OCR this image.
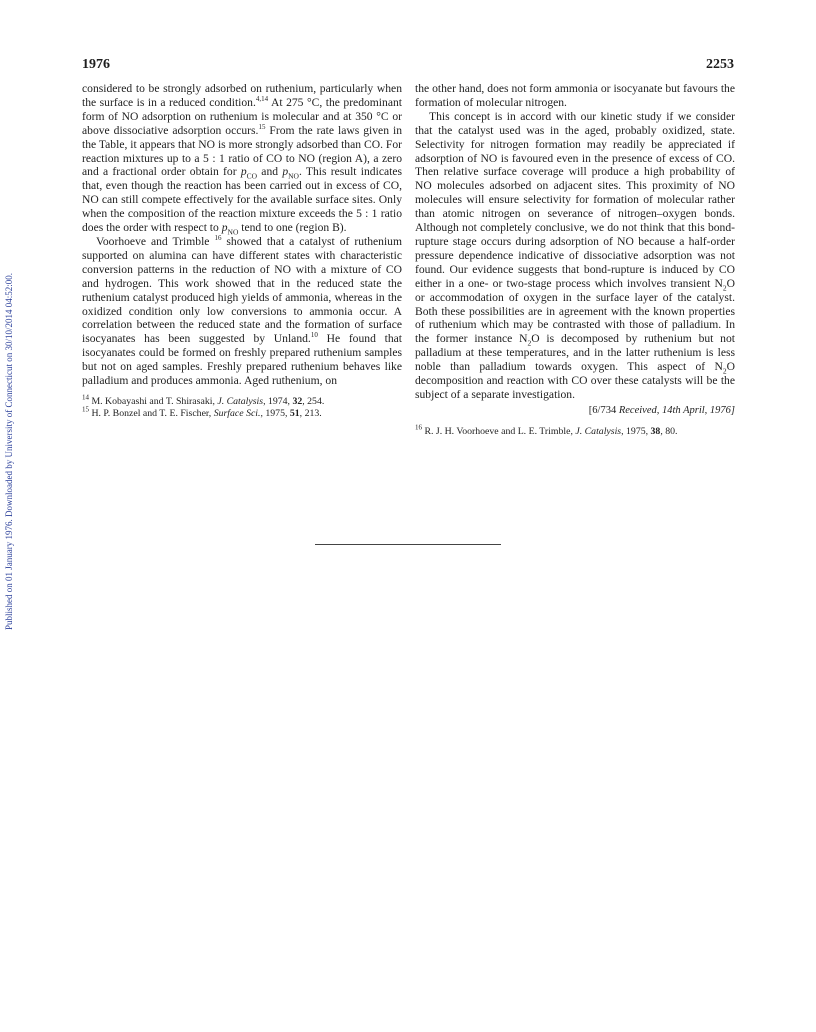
Published on 01 January 1976. Downloaded by University of Connecticut on 30/10/2014 04:52:00.
1976	2253

considered to be strongly adsorbed on ruthenium, particularly when the surface is in a reduced condition.$^{4,14}$ At 275 °C, the predominant form of NO adsorption on ruthenium is molecular and at 350 °C or above dissociative adsorption occurs.$^{15}$ From the rate laws given in the Table, it appears that NO is more strongly adsorbed than CO. For reaction mixtures up to a 5 : 1 ratio of CO to NO (region A), a zero and a fractional order obtain for $p_{CO}$ and $p_{NO}$. This result indicates that, even though the reaction has been carried out in excess of CO, NO can still compete effectively for the available surface sites. Only when the composition of the reaction mixture exceeds the 5 : 1 ratio does the order with respect to $p_{NO}$ tend to one (region B).

Voorhoeve and Trimble $^{16}$ showed that a catalyst of ruthenium supported on alumina can have different states with characteristic conversion patterns in the reduction of NO with a mixture of CO and hydrogen. This work showed that in the reduced state the ruthenium catalyst produced high yields of ammonia, whereas in the oxidized condition only low conversions to ammonia occur. A correlation between the reduced state and the formation of surface isocyanates has been suggested by Unland.$^{10}$ He found that isocyanates could be formed on freshly prepared ruthenium samples but not on aged samples. Freshly prepared ruthenium behaves like palladium and produces ammonia. Aged ruthenium, on

$^{14}$ M. Kobayashi and T. Shirasaki, J. Catalysis, 1974, 32, 254.
$^{15}$ H. P. Bonzel and T. E. Fischer, Surface Sci., 1975, 51, 213.

the other hand, does not form ammonia or isocyanate but favours the formation of molecular nitrogen.

This concept is in accord with our kinetic study if we consider that the catalyst used was in the aged, probably oxidized, state. Selectivity for nitrogen formation may readily be appreciated if adsorption of NO is favoured even in the presence of excess of CO. Then relative surface coverage will produce a high probability of NO molecules adsorbed on adjacent sites. This proximity of NO molecules will ensure selectivity for formation of molecular rather than atomic nitrogen on severance of nitrogen–oxygen bonds. Although not completely conclusive, we do not think that this bond-rupture stage occurs during adsorption of NO because a half-order pressure dependence indicative of dissociative adsorption was not found. Our evidence suggests that bond-rupture is induced by CO either in a one- or two-stage process which involves transient $N_2O$ or accommodation of oxygen in the surface layer of the catalyst. Both these possibilities are in agreement with the known properties of ruthenium which may be contrasted with those of palladium. In the former instance $N_2O$ is decomposed by ruthenium but not palladium at these temperatures, and in the latter ruthenium is less noble than palladium towards oxygen. This aspect of $N_2O$ decomposition and reaction with CO over these catalysts will be the subject of a separate investigation.

[6/734 Received, 14th April, 1976]
$^{16}$ R. J. H. Voorhoeve and L. E. Trimble, J. Catalysis, 1975, 38, 80.
